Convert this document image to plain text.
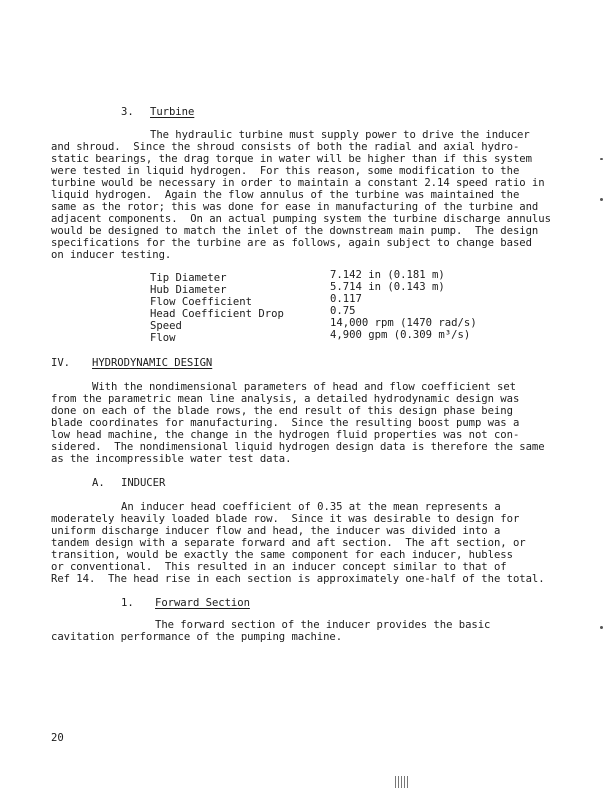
3. Turbine
The hydraulic turbine must supply power to drive the inducer
and shroud.  Since the shroud consists of both the radial and axial hydro-
static bearings, the drag torque in water will be higher than if this system
were tested in liquid hydrogen.  For this reason, some modification to the
turbine would be necessary in order to maintain a constant 2.14 speed ratio in
liquid hydrogen.  Again the flow annulus of the turbine was maintained the
same as the rotor; this was done for ease in manufacturing of the turbine and
adjacent components.  On an actual pumping system the turbine discharge annulus
would be designed to match the inlet of the downstream main pump.  The design
specifications for the turbine are as follows, again subject to change based
on inducer testing.
Tip Diameter	7.142 in (0.181 m)
Hub Diameter	5.714 in (0.143 m)
Flow Coefficient	0.117
Head Coefficient Drop	0.75
Speed	14,000 rpm (1470 rad/s)
Flow	4,900 gpm (0.309 m³/s)
IV. HYDRODYNAMIC DESIGN
With the nondimensional parameters of head and flow coefficient set
from the parametric mean line analysis, a detailed hydrodynamic design was
done on each of the blade rows, the end result of this design phase being
blade coordinates for manufacturing.  Since the resulting boost pump was a
low head machine, the change in the hydrogen fluid properties was not con-
sidered.  The nondimensional liquid hydrogen design data is therefore the same
as the incompressible water test data.
A. INDUCER
An inducer head coefficient of 0.35 at the mean represents a
moderately heavily loaded blade row.  Since it was desirable to design for
uniform discharge inducer flow and head, the inducer was divided into a
tandem design with a separate forward and aft section.  The aft section, or
transition, would be exactly the same component for each inducer, hubless
or conventional.  This resulted in an inducer concept similar to that of
Ref 14.  The head rise in each section is approximately one-half of the total.
1. Forward Section
The forward section of the inducer provides the basic
cavitation performance of the pumping machine.
20
